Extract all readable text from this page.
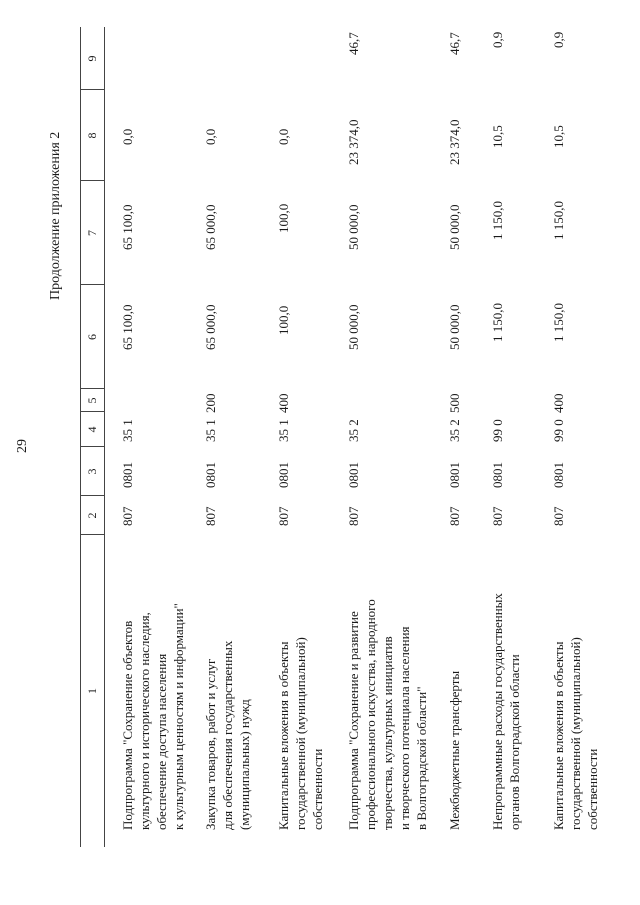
29
Продолжение приложения 2
1
2
3
4
5
6
7
8
9
Подпрограмма "Сохранение объектов
культурного и исторического наследия,
обеспечение доступа населения
к культурным ценностям и информации"
807
0801
35 1
65 100,0
65 100,0
0,0
Закупка товаров, работ и услуг
для обеспечения государственных
(муниципальных) нужд
807
0801
35 1
200
65 000,0
65 000,0
0,0
Капитальные вложения в объекты
государственной (муниципальной)
собственности
807
0801
35 1
400
100,0
100,0
0,0
Подпрограмма "Сохранение и развитие
профессионального искусства, народного
творчества, культурных инициатив
и творческого потенциала населения
в Волгоградской области"
807
0801
35 2
50 000,0
50 000,0
23 374,0
46,7
Межбюджетные трансферты
807
0801
35 2
500
50 000,0
50 000,0
23 374,0
46,7
Непрограммные расходы государственных
органов Волгоградской области
807
0801
99 0
1 150,0
1 150,0
10,5
0,9
Капитальные вложения в объекты
государственной (муниципальной)
собственности
807
0801
99 0
400
1 150,0
1 150,0
10,5
0,9
